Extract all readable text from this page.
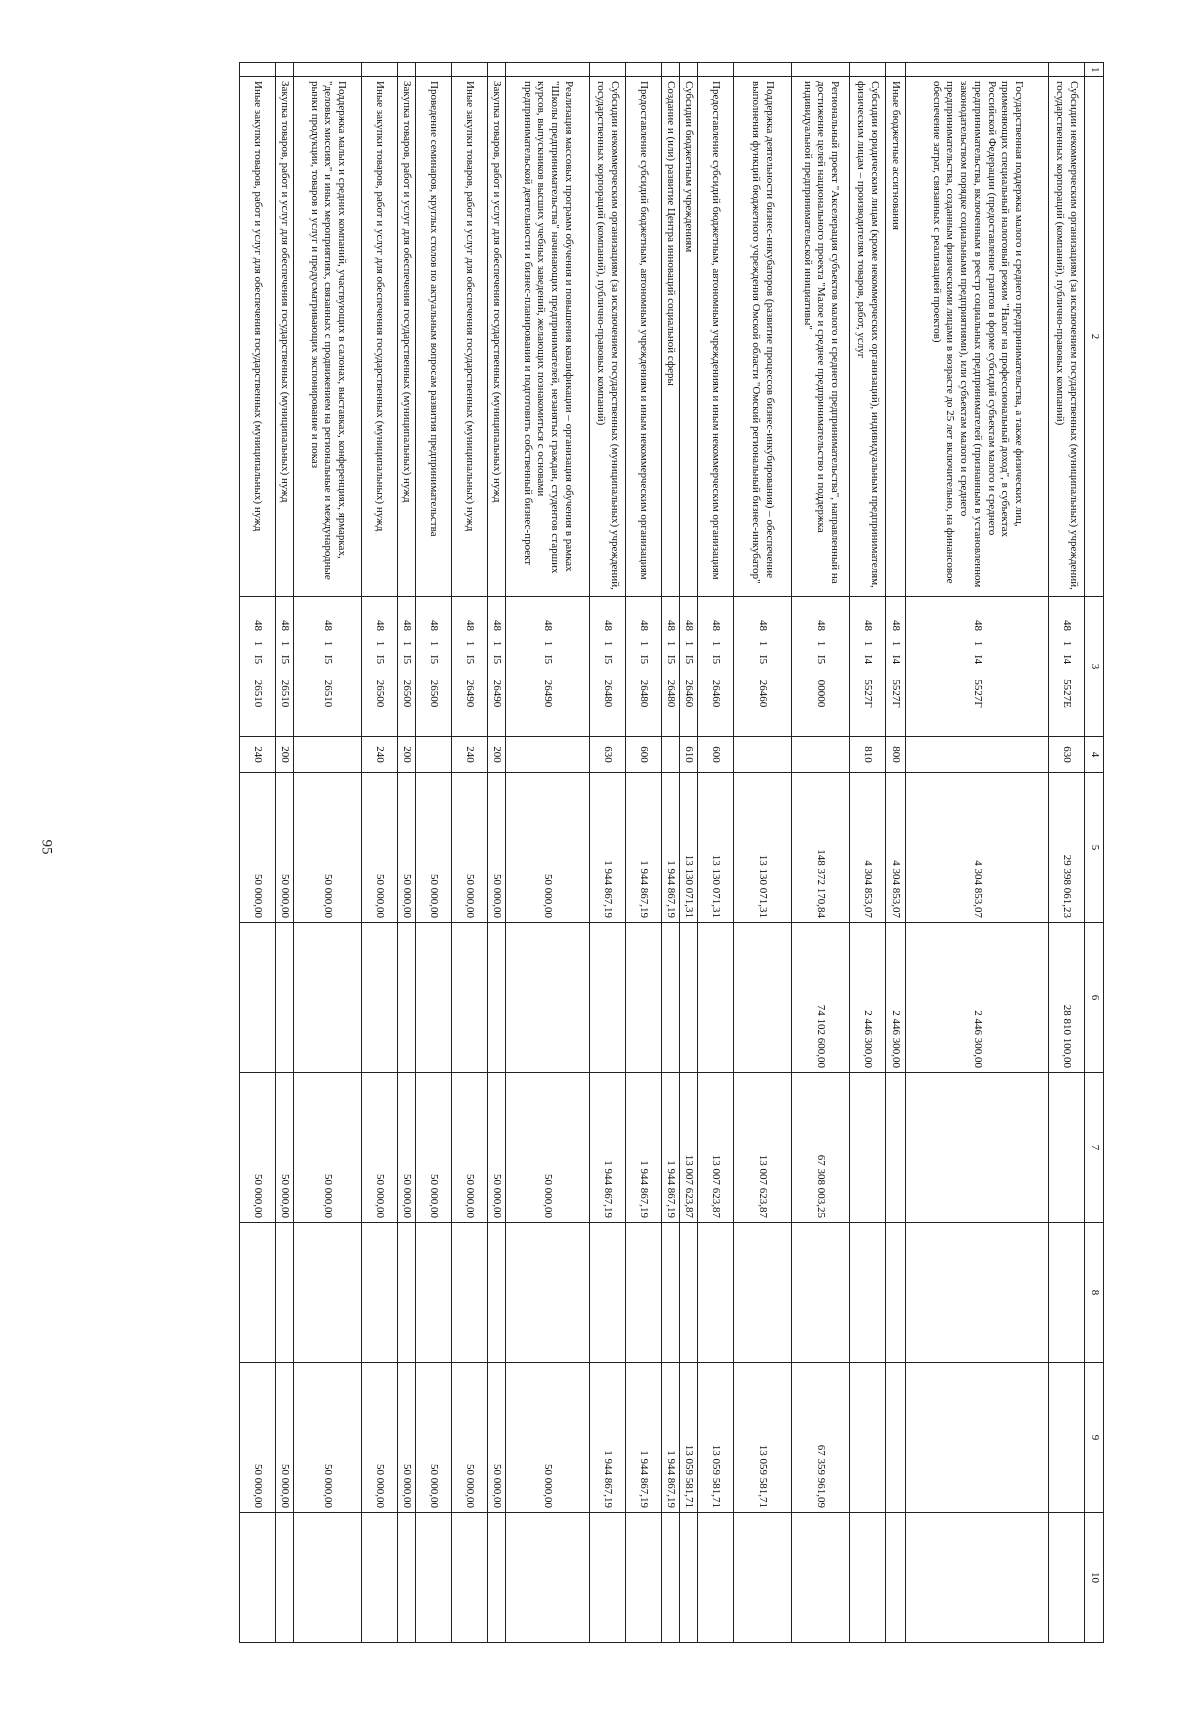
95
1	2	3	4	5	6	7	8	9	10
	Субсидии некоммерческим организациям (за исключением государственных (муниципальных) учреждений, государственных корпораций (компаний), публично-правовых компаний)	481I45527Е	630	29 398 061,23	28 810 100,00				
	Государственная поддержка малого и среднего предпринимательства, а также физических лиц, применяющих специальный налоговый режим "Налог на профессиональный доход", в субъектах Российской Федерации (предоставление грантов в форме субсидий субъектам малого и среднего предпринимательства, включенным в реестр социальных предпринимателей (признанным в установленном законодательством порядке социальными предприятиями), или субъектам малого и среднего предпринимательства, созданным физическими лицами в возрасте до 25 лет включительно, на финансовое обеспечение затрат, связанных с реализацией проектов)	481I45527Г		4 304 853,07	2 446 300,00				
	Иные бюджетные ассигнования	481I45527Г	800	4 304 853,07	2 446 300,00				
	Субсидии юридическим лицам (кроме некоммерческих организаций), индивидуальным предпринимателям, физическим лицам – производителям товаров, работ, услуг	481I45527Г	810	4 304 853,07	2 446 300,00				
	Региональный проект "Акселерация субъектов малого и среднего предпринимательства", направленный на достижение целей национального проекта "Малое и среднее предпринимательство и поддержка индивидуальной предпринимательской инициативы"	481I500000		148 372 170,84	74 102 600,00	67 308 003,25		67 359 961,09	
	Поддержка деятельности бизнес-инкубаторов (развитие процессов бизнес-инкубирования) – обеспечение выполнения функций бюджетного учреждения Омской области "Омский региональный бизнес-инкубатор"	481I526460		13 130 071,31		13 007 623,87		13 059 581,71	
	Предоставление субсидий бюджетным, автономным учреждениям и иным некоммерческим организациям	481I526460	600	13 130 071,31		13 007 623,87		13 059 581,71	
	Субсидии бюджетным учреждениям	481I526460	610	13 130 071,31		13 007 623,87		13 059 581,71	
	Создание и (или) развитие Центра инноваций социальной сферы	481I526480		1 944 867,19		1 944 867,19		1 944 867,19	
	Предоставление субсидий бюджетным, автономным учреждениям и иным некоммерческим организациям	481I526480	600	1 944 867,19		1 944 867,19		1 944 867,19	
	Субсидии некоммерческим организациям (за исключением государственных (муниципальных) учреждений, государственных корпораций (компаний), публично-правовых компаний)	481I526480	630	1 944 867,19		1 944 867,19		1 944 867,19	
	Реализация массовых программ обучения и повышения квалификации – организация обучения в рамках "Школы предпринимательства" начинающих предпринимателей, незанятых граждан, студентов старших курсов, выпускников высших учебных заведений, желающих познакомиться с основами предпринимательской деятельности и бизнес-планирования и подготовить собственный бизнес-проект	481I526490		50 000,00		50 000,00		50 000,00	
	Закупка товаров, работ и услуг для обеспечения государственных (муниципальных) нужд	481I526490	200	50 000,00		50 000,00		50 000,00	
	Иные закупки товаров, работ и услуг для обеспечения государственных (муниципальных) нужд	481I526490	240	50 000,00		50 000,00		50 000,00	
	Проведение семинаров, круглых столов по актуальным вопросам развития предпринимательства	481I526500		50 000,00		50 000,00		50 000,00	
	Закупка товаров, работ и услуг для обеспечения государственных (муниципальных) нужд	481I526500	200	50 000,00		50 000,00		50 000,00	
	Иные закупки товаров, работ и услуг для обеспечения государственных (муниципальных) нужд	481I526500	240	50 000,00		50 000,00		50 000,00	
	Поддержка малых и средних компаний, участвующих в салонах, выставках, конференциях, ярмарках, "деловых миссиях" и иных мероприятиях, связанных с продвижением на региональные и международные рынки продукции, товаров и услуг и предусматривающих экспонирование и показ	481I526510		50 000,00		50 000,00		50 000,00	
	Закупка товаров, работ и услуг для обеспечения государственных (муниципальных) нужд	481I526510	200	50 000,00		50 000,00		50 000,00	
	Иные закупки товаров, работ и услуг для обеспечения государственных (муниципальных) нужд	481I526510	240	50 000,00		50 000,00		50 000,00	
